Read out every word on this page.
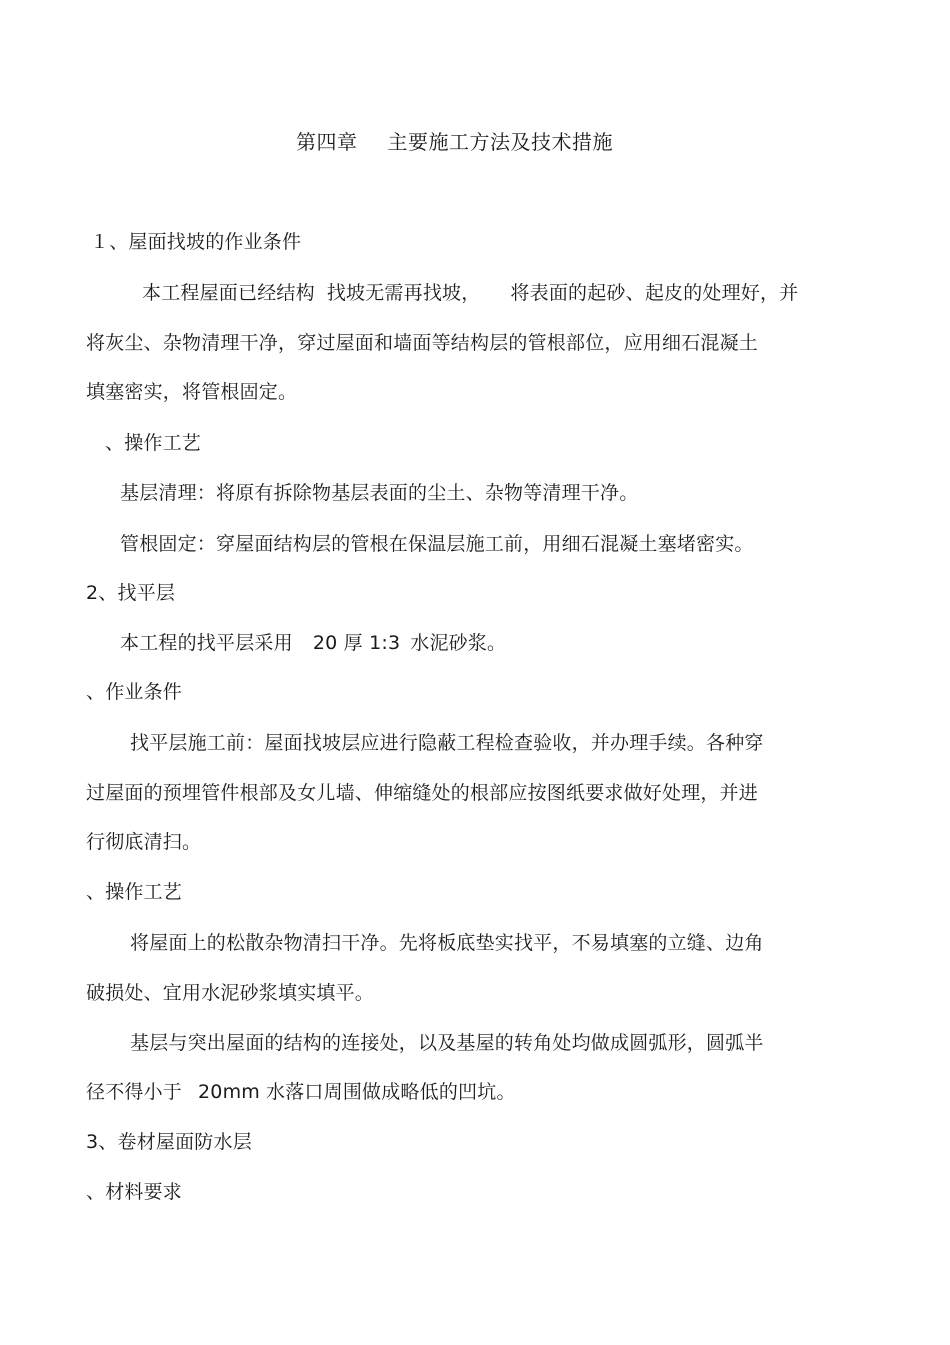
第四章 主要施工方法及技术措施
１、屋面找坡的作业条件
本工程屋面已经结构 找坡无需再找坡， 将表面的起砂、起皮的处理好，并
将灰尘、杂物清理干净，穿过屋面和墙面等结构层的管根部位，应用细石混凝土
填塞密实，将管根固定。
、操作工艺
基层清理：将原有拆除物基层表面的尘土、杂物等清理干净。
管根固定：穿屋面结构层的管根在保温层施工前，用细石混凝土塞堵密实。
2、找平层
本工程的找平层采用 20 厚 1:3 水泥砂浆。
、作业条件
找平层施工前：屋面找坡层应进行隐蔽工程检查验收，并办理手续。各种穿
过屋面的预埋管件根部及女儿墙、伸缩缝处的根部应按图纸要求做好处理，并进
行彻底清扫。
、操作工艺
将屋面上的松散杂物清扫干净。先将板底垫实找平，不易填塞的立缝、边角
破损处、宜用水泥砂浆填实填平。
基层与突出屋面的结构的连接处，以及基屋的转角处均做成圆弧形，圆弧半
径不得小于 20mm 水落口周围做成略低的凹坑。
3、卷材屋面防水层
、材料要求
